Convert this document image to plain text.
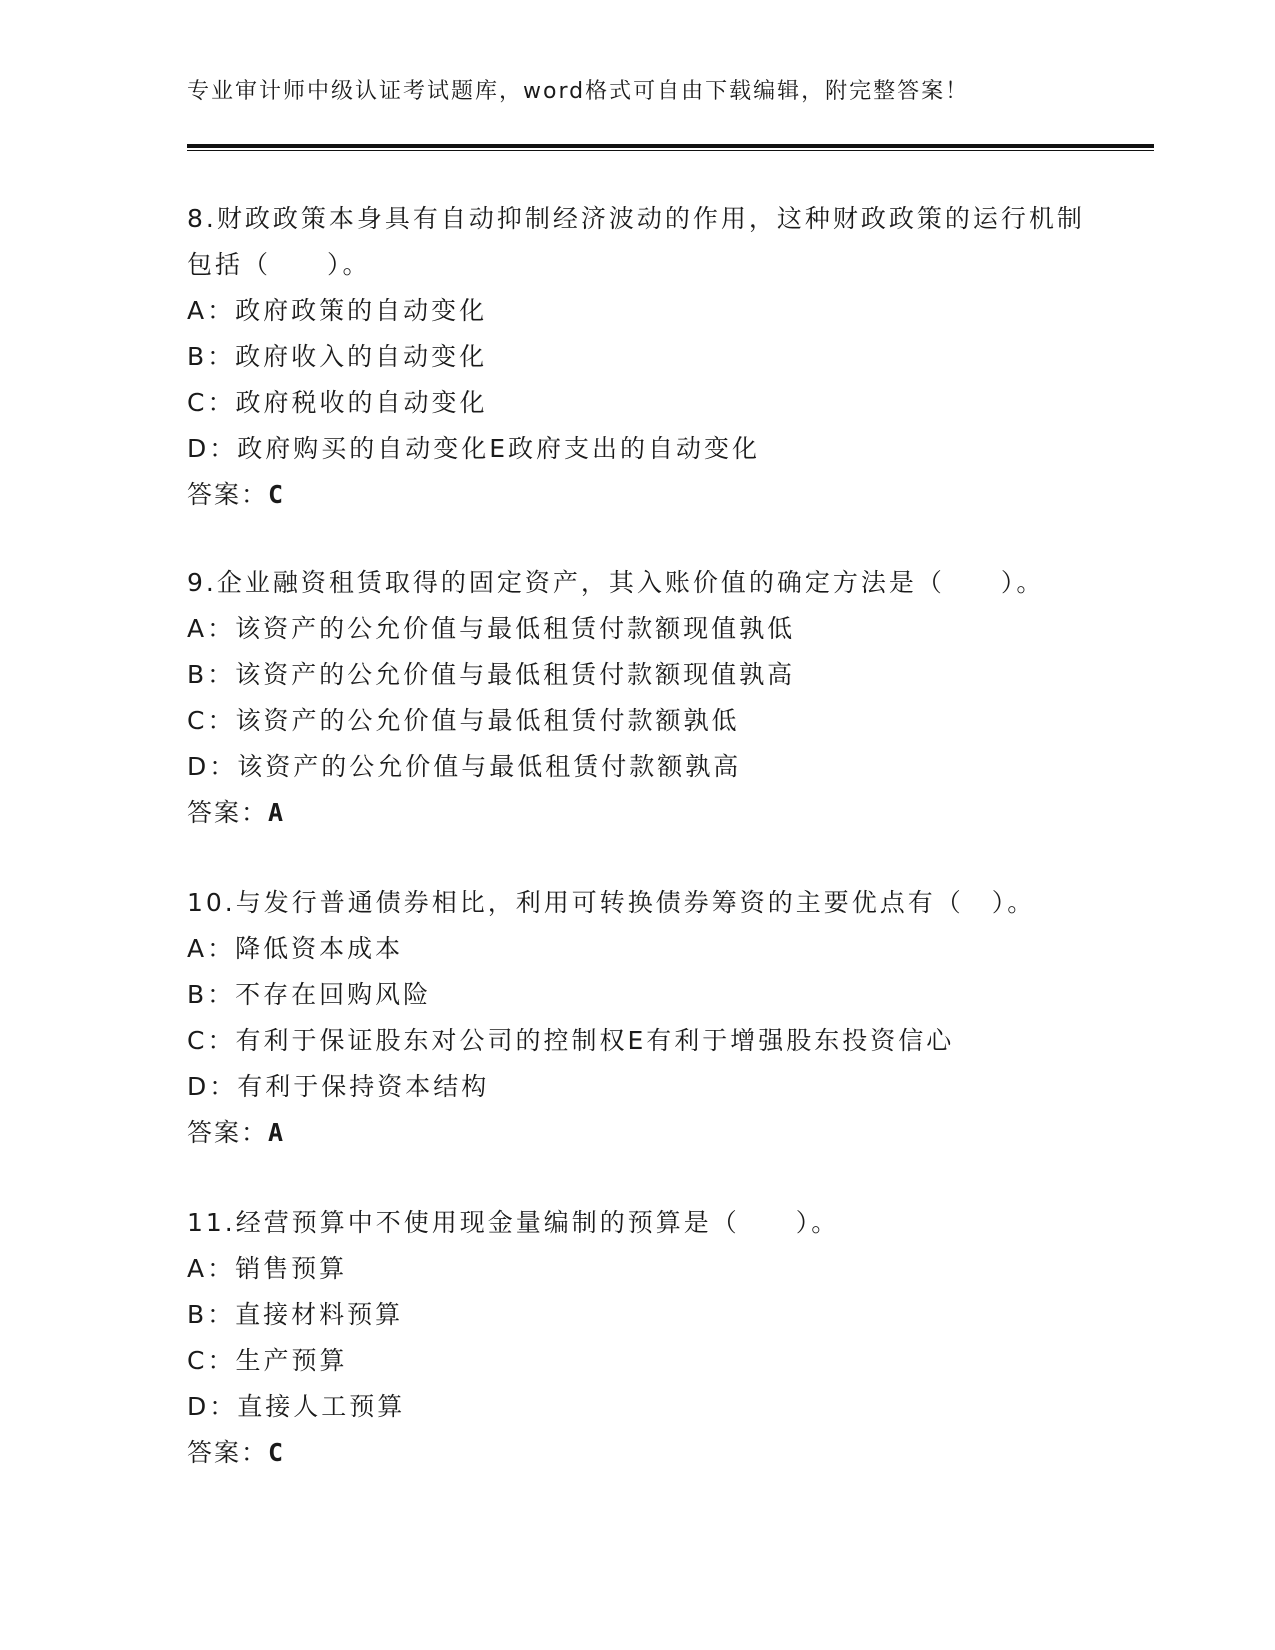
专业审计师中级认证考试题库，word格式可自由下载编辑，附完整答案！

8.财政政策本身具有自动抑制经济波动的作用，这种财政政策的运行机制包括（　　）。

A：政府政策的自动变化

B：政府收入的自动变化

C：政府税收的自动变化

D：政府购买的自动变化E政府支出的自动变化

答案：C

9.企业融资租赁取得的固定资产，其入账价值的确定方法是（　　）。

A：该资产的公允价值与最低租赁付款额现值孰低

B：该资产的公允价值与最低租赁付款额现值孰高

C：该资产的公允价值与最低租赁付款额孰低

D：该资产的公允价值与最低租赁付款额孰高

答案：A

10.与发行普通债券相比，利用可转换债券筹资的主要优点有（　）。

A：降低资本成本

B：不存在回购风险

C：有利于保证股东对公司的控制权E有利于增强股东投资信心

D：有利于保持资本结构

答案：A

11.经营预算中不使用现金量编制的预算是（　　）。

A：销售预算

B：直接材料预算

C：生产预算

D：直接人工预算

答案：C
